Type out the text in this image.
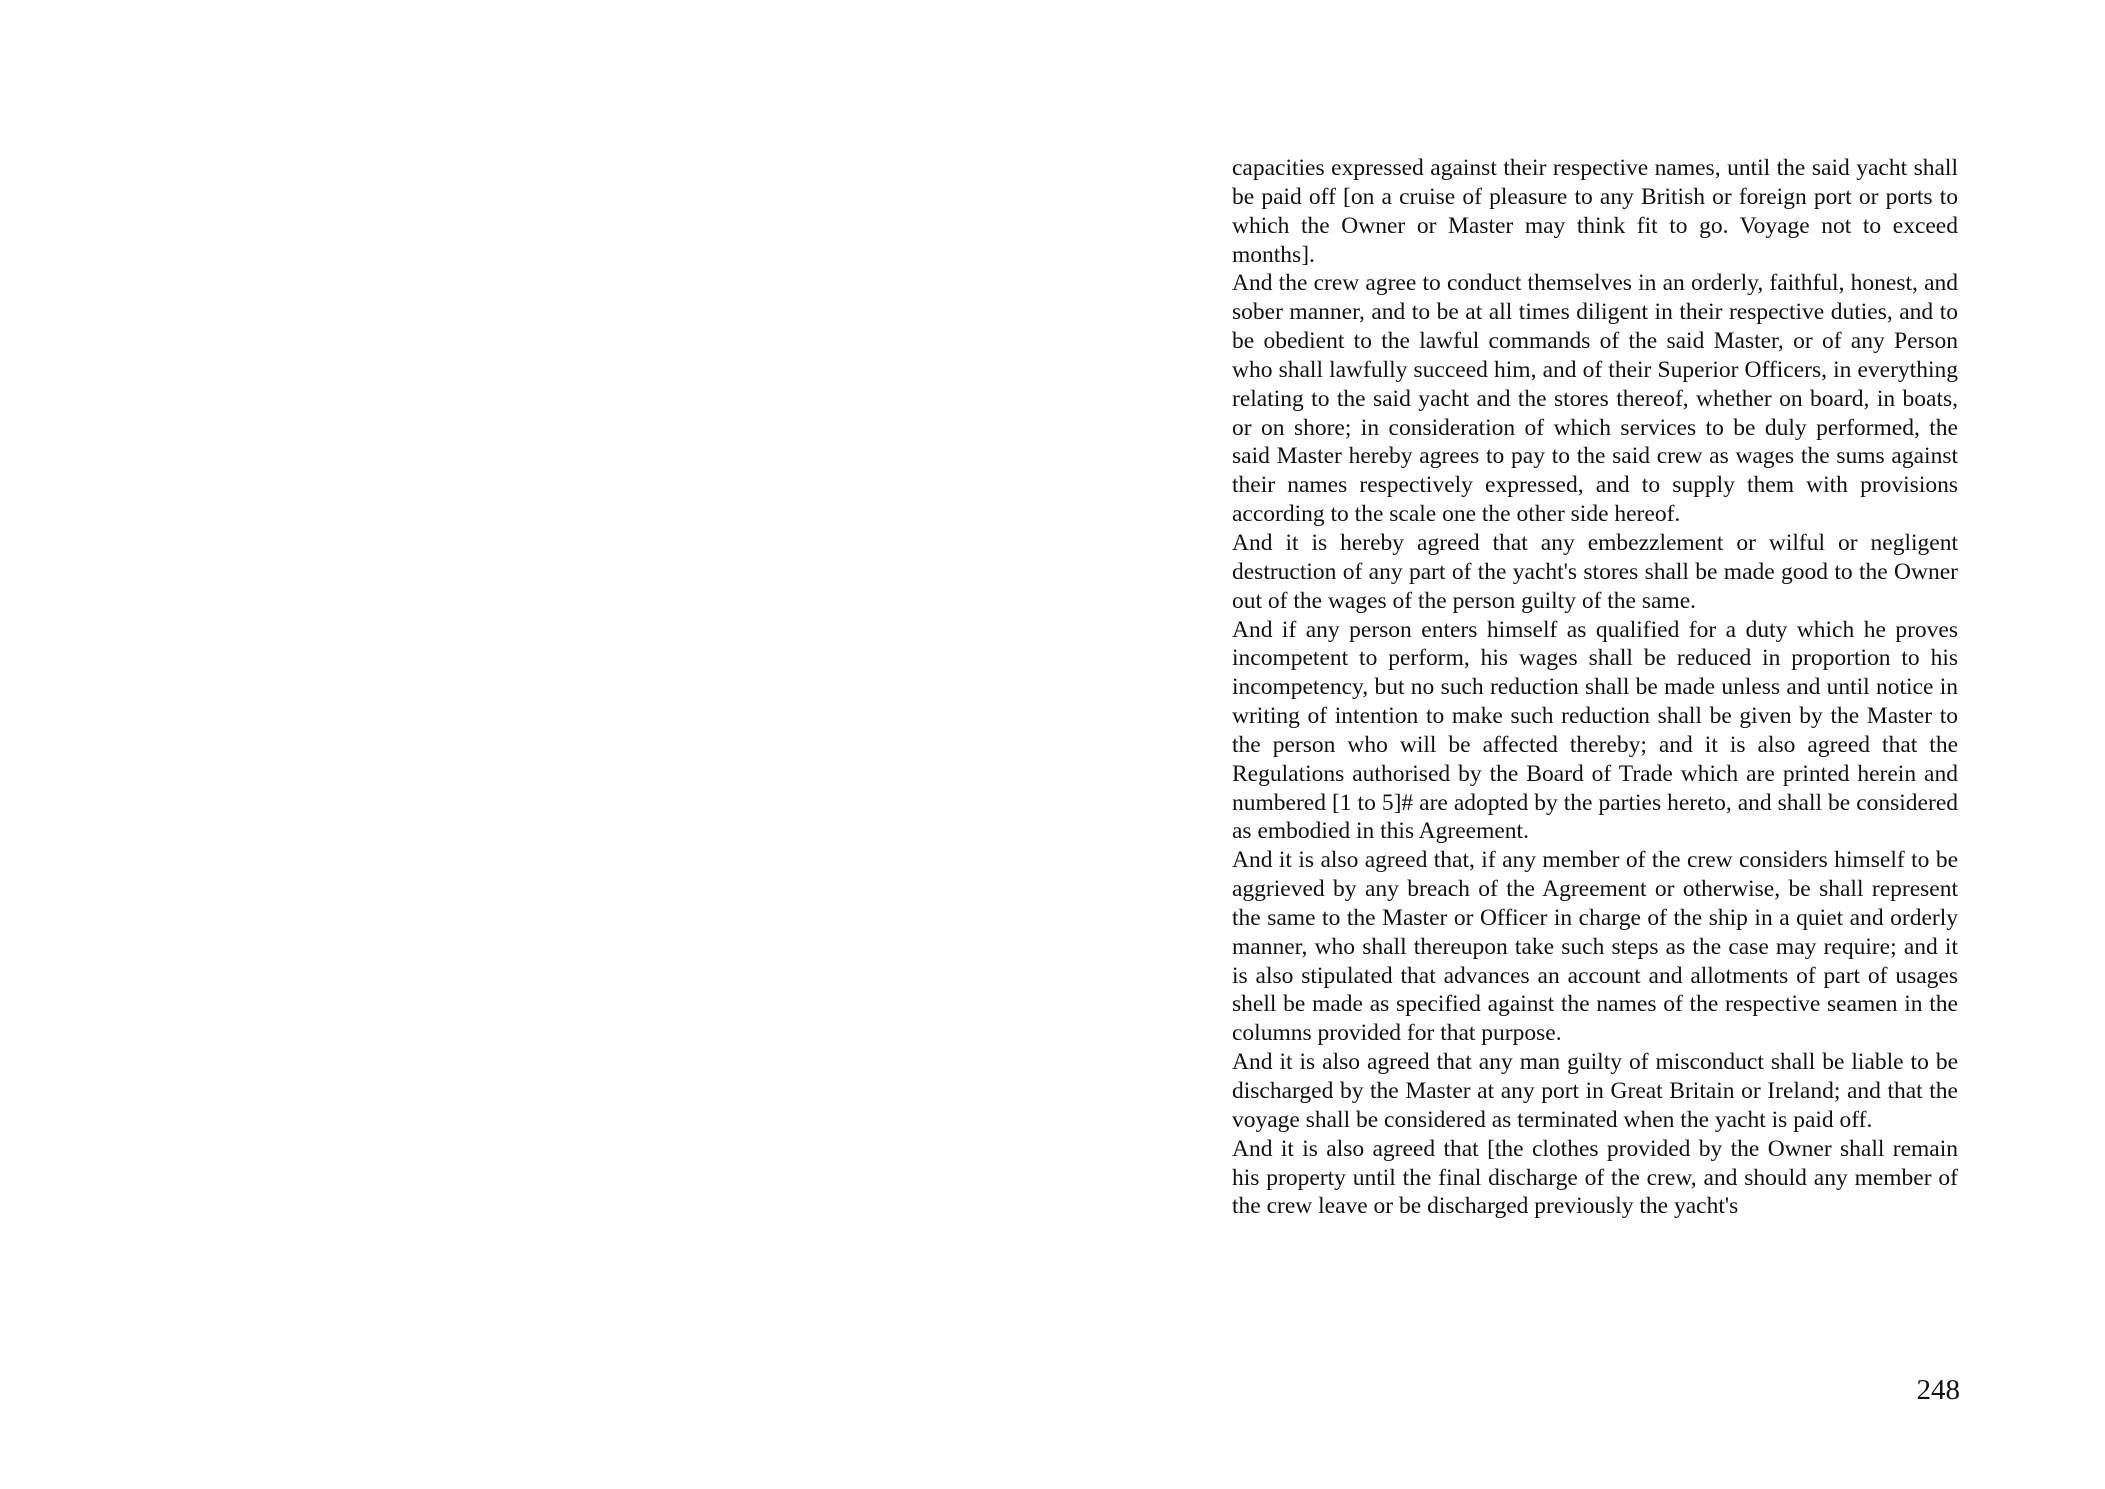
capacities expressed against their respective names, until the said yacht shall be paid off [on a cruise of pleasure to any British or foreign port or ports to which the Owner or Master may think fit to go. Voyage not to exceed months].

And the crew agree to conduct themselves in an orderly, faithful, honest, and sober manner, and to be at all times diligent in their respective duties, and to be obedient to the lawful commands of the said Master, or of any Person who shall lawfully succeed him, and of their Superior Officers, in everything relating to the said yacht and the stores thereof, whether on board, in boats, or on shore; in consideration of which services to be duly performed, the said Master hereby agrees to pay to the said crew as wages the sums against their names respectively expressed, and to supply them with provisions according to the scale one the other side hereof.

And it is hereby agreed that any embezzlement or wilful or negligent destruction of any part of the yacht's stores shall be made good to the Owner out of the wages of the person guilty of the same.

And if any person enters himself as qualified for a duty which he proves incompetent to perform, his wages shall be reduced in proportion to his incompetency, but no such reduction shall be made unless and until notice in writing of intention to make such reduction shall be given by the Master to the person who will be affected thereby; and it is also agreed that the Regulations authorised by the Board of Trade which are printed herein and numbered [1 to 5]# are adopted by the parties hereto, and shall be considered as embodied in this Agreement.

And it is also agreed that, if any member of the crew considers himself to be aggrieved by any breach of the Agreement or otherwise, be shall represent the same to the Master or Officer in charge of the ship in a quiet and orderly manner, who shall thereupon take such steps as the case may require; and it is also stipulated that advances an account and allotments of part of usages shell be made as specified against the names of the respective seamen in the columns provided for that purpose.

And it is also agreed that any man guilty of misconduct shall be liable to be discharged by the Master at any port in Great Britain or Ireland; and that the voyage shall be considered as terminated when the yacht is paid off.

And it is also agreed that [the clothes provided by the Owner shall remain his property until the final discharge of the crew, and should any member of the crew leave or be discharged previously the yacht's

248
